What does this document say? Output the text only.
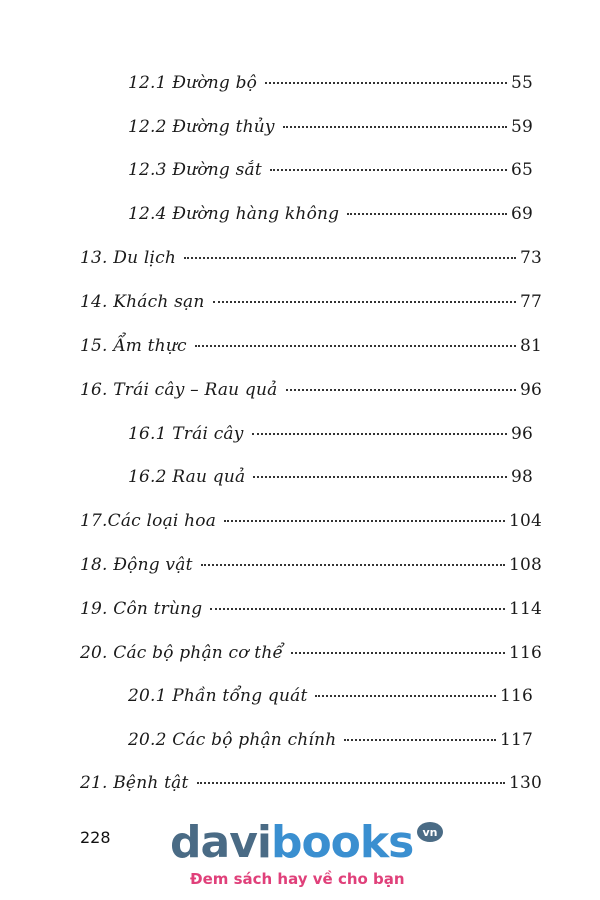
12.1 Đường bộ	55
12.2 Đường thủy	59
12.3 Đường sắt	65
12.4 Đường hàng không	69
13. Du lịch	73
14. Khách sạn	77
15. Ẩm thực	81
16. Trái cây – Rau quả	96
16.1 Trái cây	96
16.2 Rau quả	98
17.Các loại hoa	104
18. Động vật	108
19. Côn trùng	114
20. Các bộ phận cơ thể	116
20.1 Phần tổng quát	116
20.2 Các bộ phận chính	117
21. Bệnh tật	130
228 davibooks vn
Đem sách hay về cho bạn
